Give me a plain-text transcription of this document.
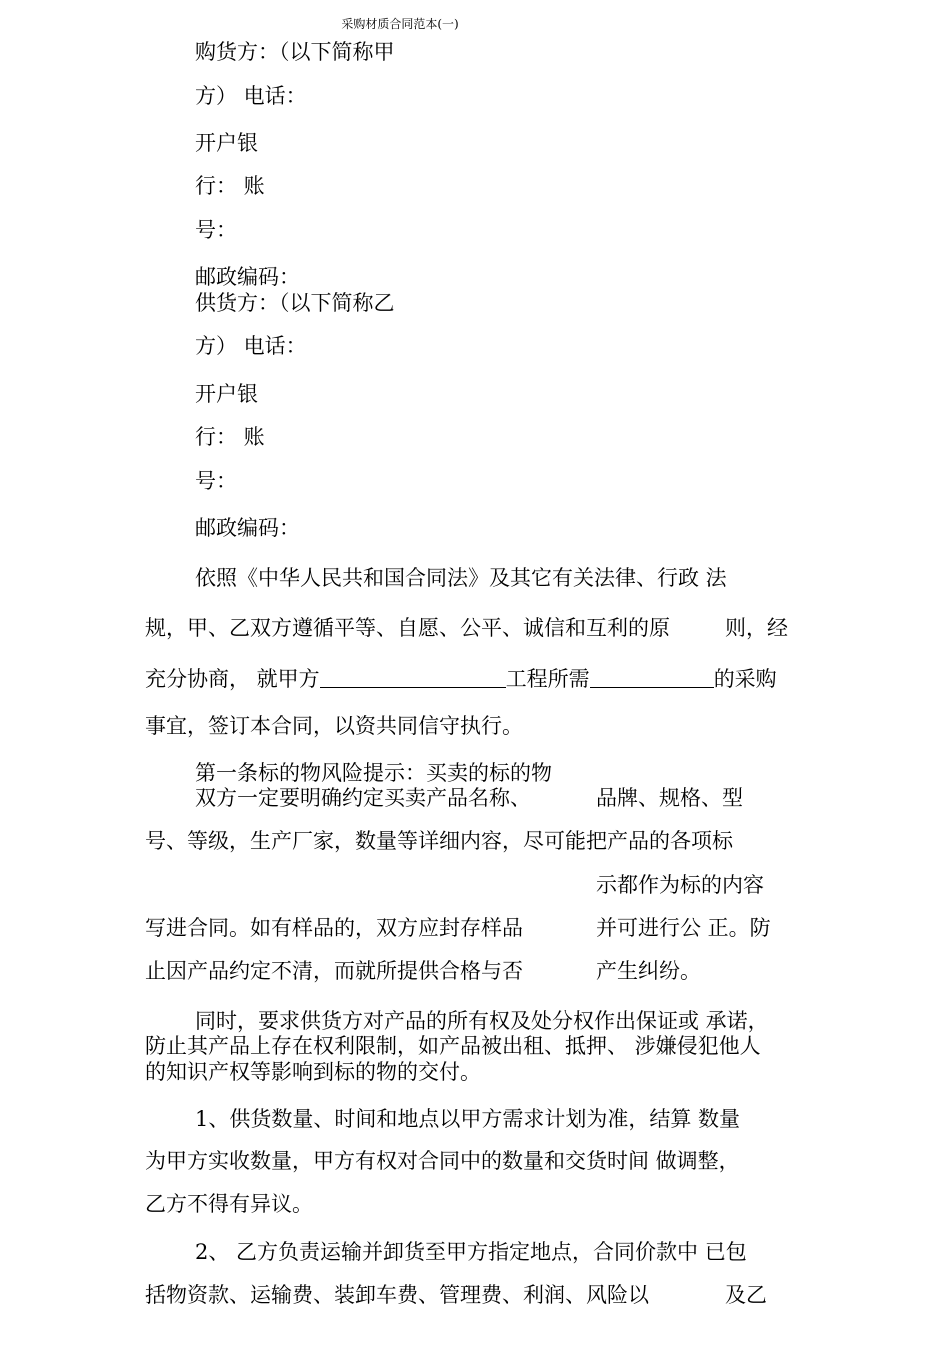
采购材质合同范本(一)
购货方：（以下简称甲
方） 电话：
开户银
行： 账
号：
邮政编码：
供货方：（以下简称乙
方） 电话：
开户银
行： 账
号：
邮政编码：
依照《中华人民共和国合同法》及其它有关法律、行政 法
规，甲、乙双方遵循平等、自愿、公平、诚信和互利的原	则，经
充分协商， 就甲方	工程所需	的采购
事宜，签订本合同，以资共同信守执行。
第一条标的物风险提示：买卖的标的物
双方一定要明确约定买卖产品名称、	品牌、规格、型
号、等级，生产厂家，数量等详细内容，尽可能把产品的各项标
示都作为标的内容
写进合同。如有样品的，双方应封存样品	并可进行公 正。防
止因产品约定不清，而就所提供合格与否	产生纠纷。
同时，要求供货方对产品的所有权及处分权作出保证或 承诺，
防止其产品上存在权利限制，如产品被出租、抵押、 涉嫌侵犯他人
的知识产权等影响到标的物的交付。
1、供货数量、时间和地点以甲方需求计划为准，结算 数量
为甲方实收数量，甲方有权对合同中的数量和交货时间 做调整，
乙方不得有异议。
2、 乙方负责运输并卸货至甲方指定地点，合同价款中 已包
括物资款、运输费、装卸车费、管理费、利润、风险以	及乙
